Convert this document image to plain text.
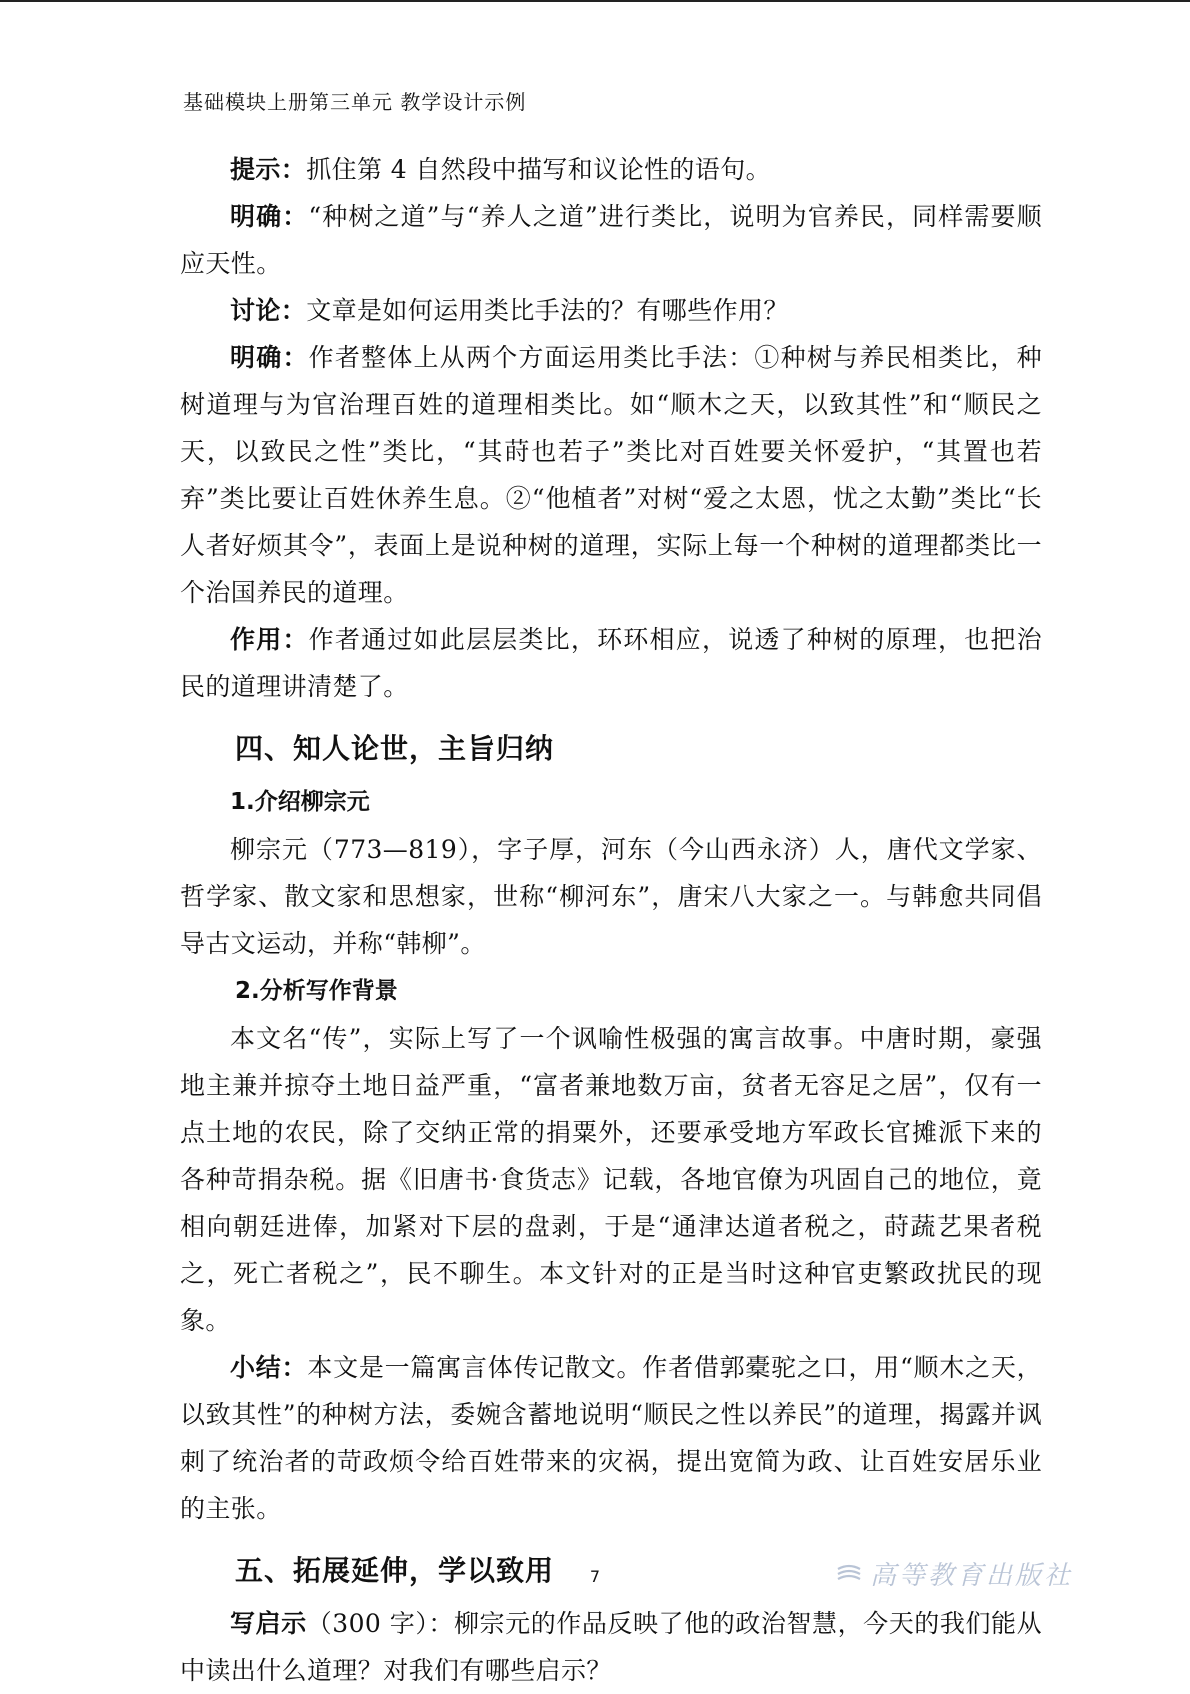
基础模块上册第三单元 教学设计示例

提示：抓住第 4 自然段中描写和议论性的语句。

明确：“种树之道”与“养人之道”进行类比，说明为官养民，同样需要顺应天性。

讨论：文章是如何运用类比手法的？有哪些作用？

明确：作者整体上从两个方面运用类比手法：①种树与养民相类比，种树道理与为官治理百姓的道理相类比。如“顺木之天，以致其性”和“顺民之天，以致民之性”类比，“其莳也若子”类比对百姓要关怀爱护，“其置也若弃”类比要让百姓休养生息。②“他植者”对树“爱之太恩，忧之太勤”类比“长人者好烦其令”，表面上是说种树的道理，实际上每一个种树的道理都类比一个治国养民的道理。

作用：作者通过如此层层类比，环环相应，说透了种树的原理，也把治民的道理讲清楚了。

四、知人论世，主旨归纳
1.介绍柳宗元

柳宗元（773—819），字子厚，河东（今山西永济）人，唐代文学家、哲学家、散文家和思想家，世称“柳河东”，唐宋八大家之一。与韩愈共同倡导古文运动，并称“韩柳”。

2.分析写作背景

本文名“传”，实际上写了一个讽喻性极强的寓言故事。中唐时期，豪强地主兼并掠夺土地日益严重，“富者兼地数万亩，贫者无容足之居”，仅有一点土地的农民，除了交纳正常的捐粟外，还要承受地方军政长官摊派下来的各种苛捐杂税。据《旧唐书·食货志》记载，各地官僚为巩固自己的地位，竟相向朝廷进俸，加紧对下层的盘剥，于是“通津达道者税之，莳蔬艺果者税之，死亡者税之”，民不聊生。本文针对的正是当时这种官吏繁政扰民的现象。

小结：本文是一篇寓言体传记散文。作者借郭橐驼之口，用“顺木之天，以致其性”的种树方法，委婉含蓄地说明“顺民之性以养民”的道理，揭露并讽刺了统治者的苛政烦令给百姓带来的灾祸，提出宽简为政、让百姓安居乐业的主张。

五、拓展延伸，学以致用

写启示（300 字）：柳宗元的作品反映了他的政治智慧，今天的我们能从中读出什么道理？对我们有哪些启示？

7	高等教育出版社
